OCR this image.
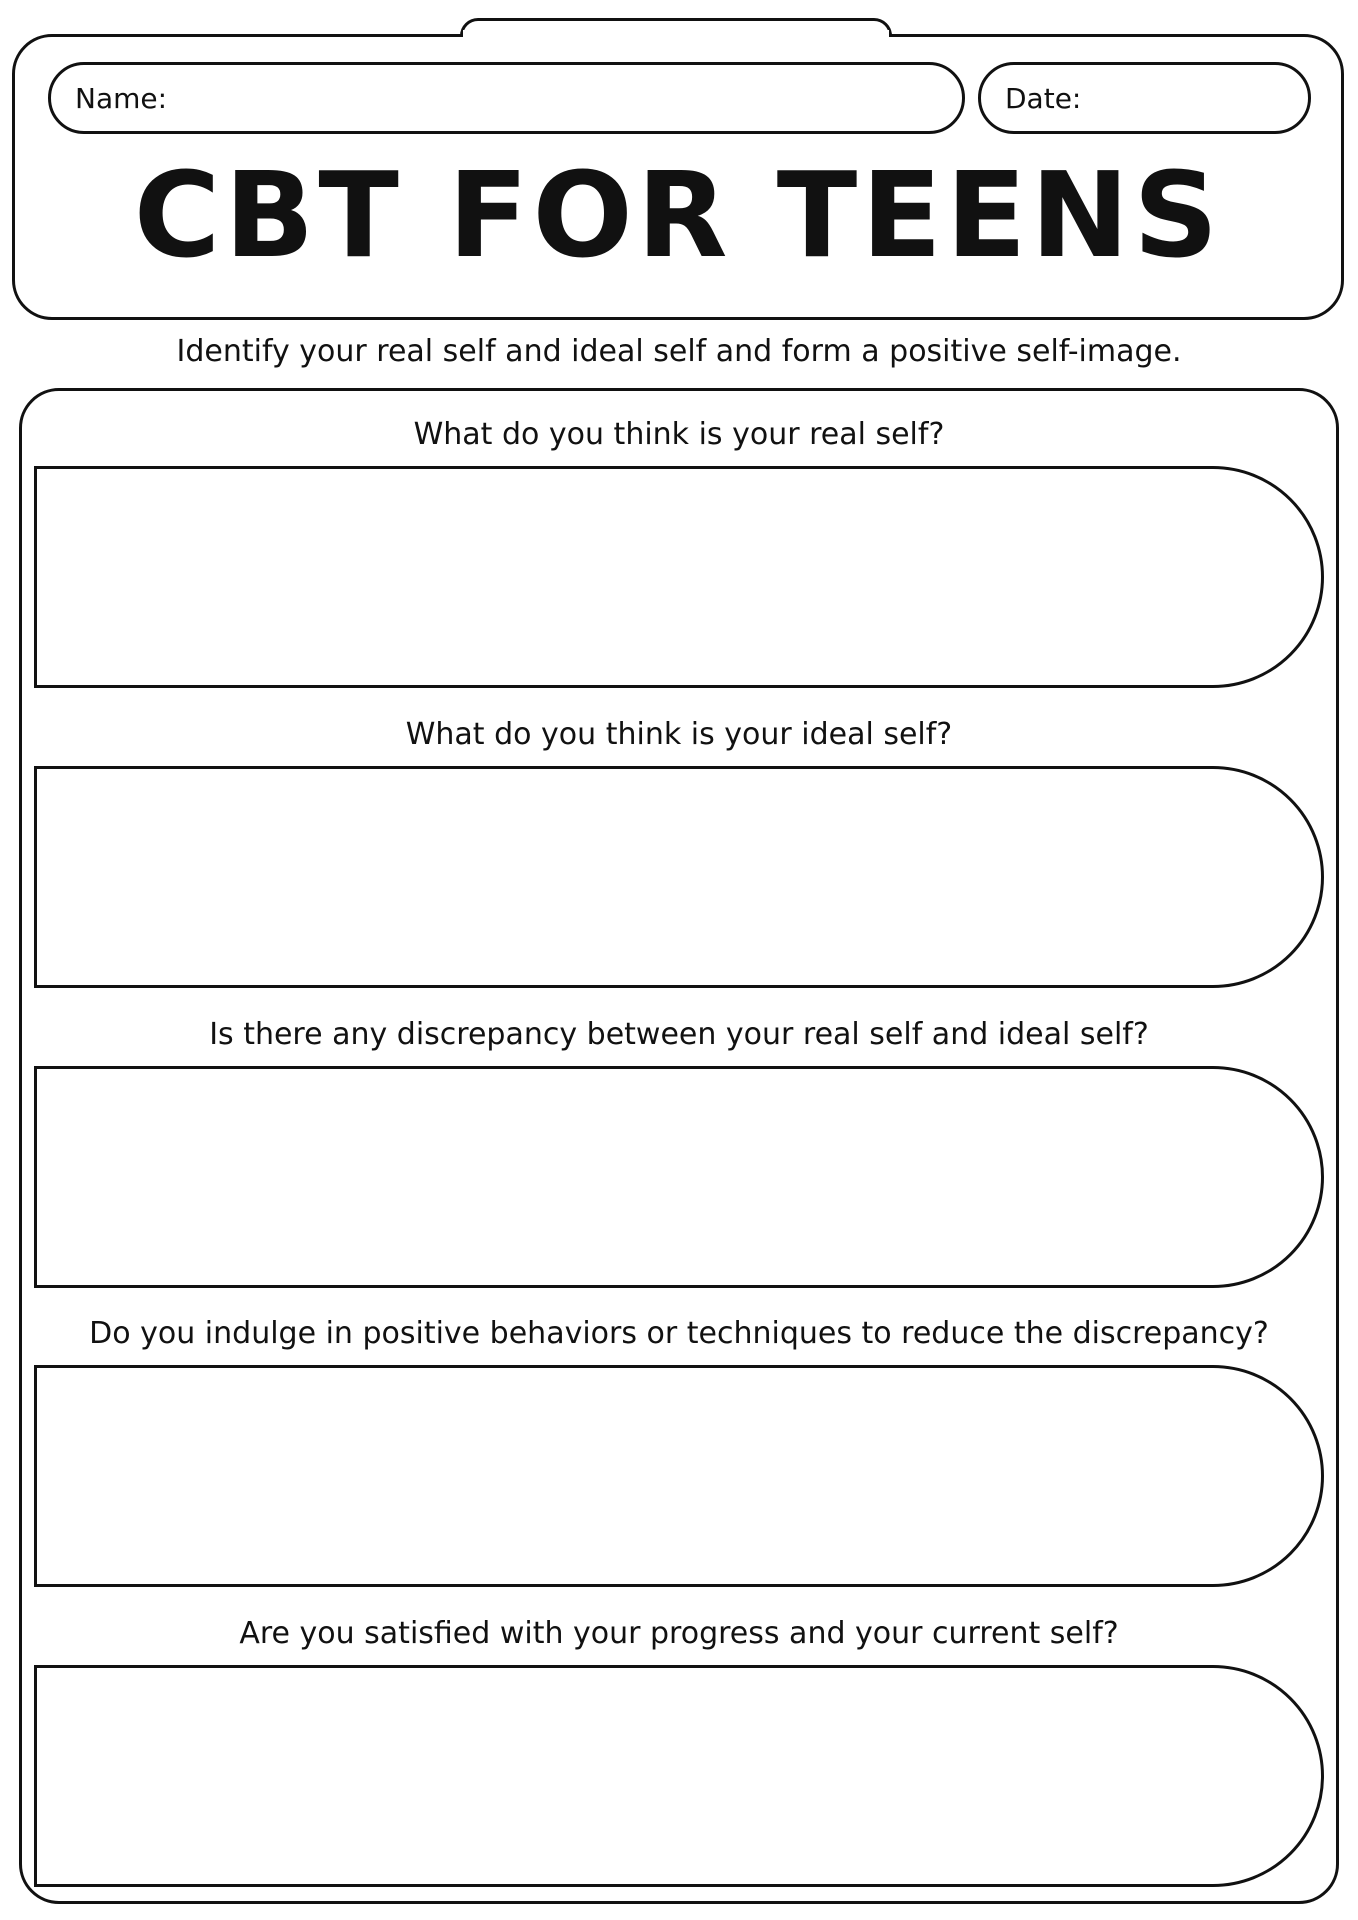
Name:	Date:
CBT FOR TEENS
Identify your real self and ideal self and form a positive self-image.
What do you think is your real self?
What do you think is your ideal self?
Is there any discrepancy between your real self and ideal self?
Do you indulge in positive behaviors or techniques to reduce the discrepancy?
Are you satisfied with your progress and your current self?
